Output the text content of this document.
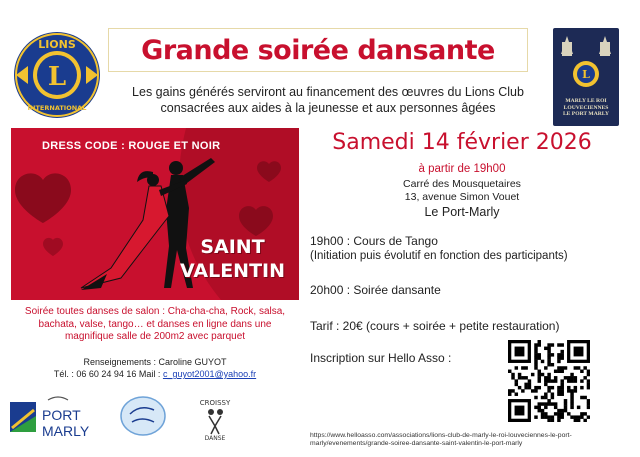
L
LIONS
INTERNATIONAL
Grande soirée dansante
Les gains générés serviront au financement des œuvres du Lions Club
consacrées aux aides à la jeunesse et aux personnes âgées
L
MARLY LE ROI
LOUVECIENNES
LE PORT MARLY
DRESS CODE : ROUGE ET NOIR
SAINT
VALENTIN
Samedi 14 février 2026
à partir de 19h00
Carré des Mousquetaires
13, avenue Simon Vouet
Le Port-Marly
19h00 : Cours de Tango
(Initiation puis évolutif en fonction des participants)
20h00 : Soirée dansante
Tarif : 20€ (cours + soirée + petite restauration)
Inscription sur Hello Asso :
Soirée toutes danses de salon : Cha-cha-cha, Rock, salsa,
bachata, valse, tango… et danses en ligne dans une
magnifique salle de 200m2 avec parquet
Renseignements : Caroline GUYOT
Tél. : 06 60 24 94 16 Mail : c_guyot2001@yahoo.fr
PORT
MARLY
CROISSY
DANSE	https://www.helloasso.com/associations/lions-club-de-marly-le-roi-louveciennes-le-port-marly/evenements/grande-soiree-dansante-saint-valentin-le-port-marly
